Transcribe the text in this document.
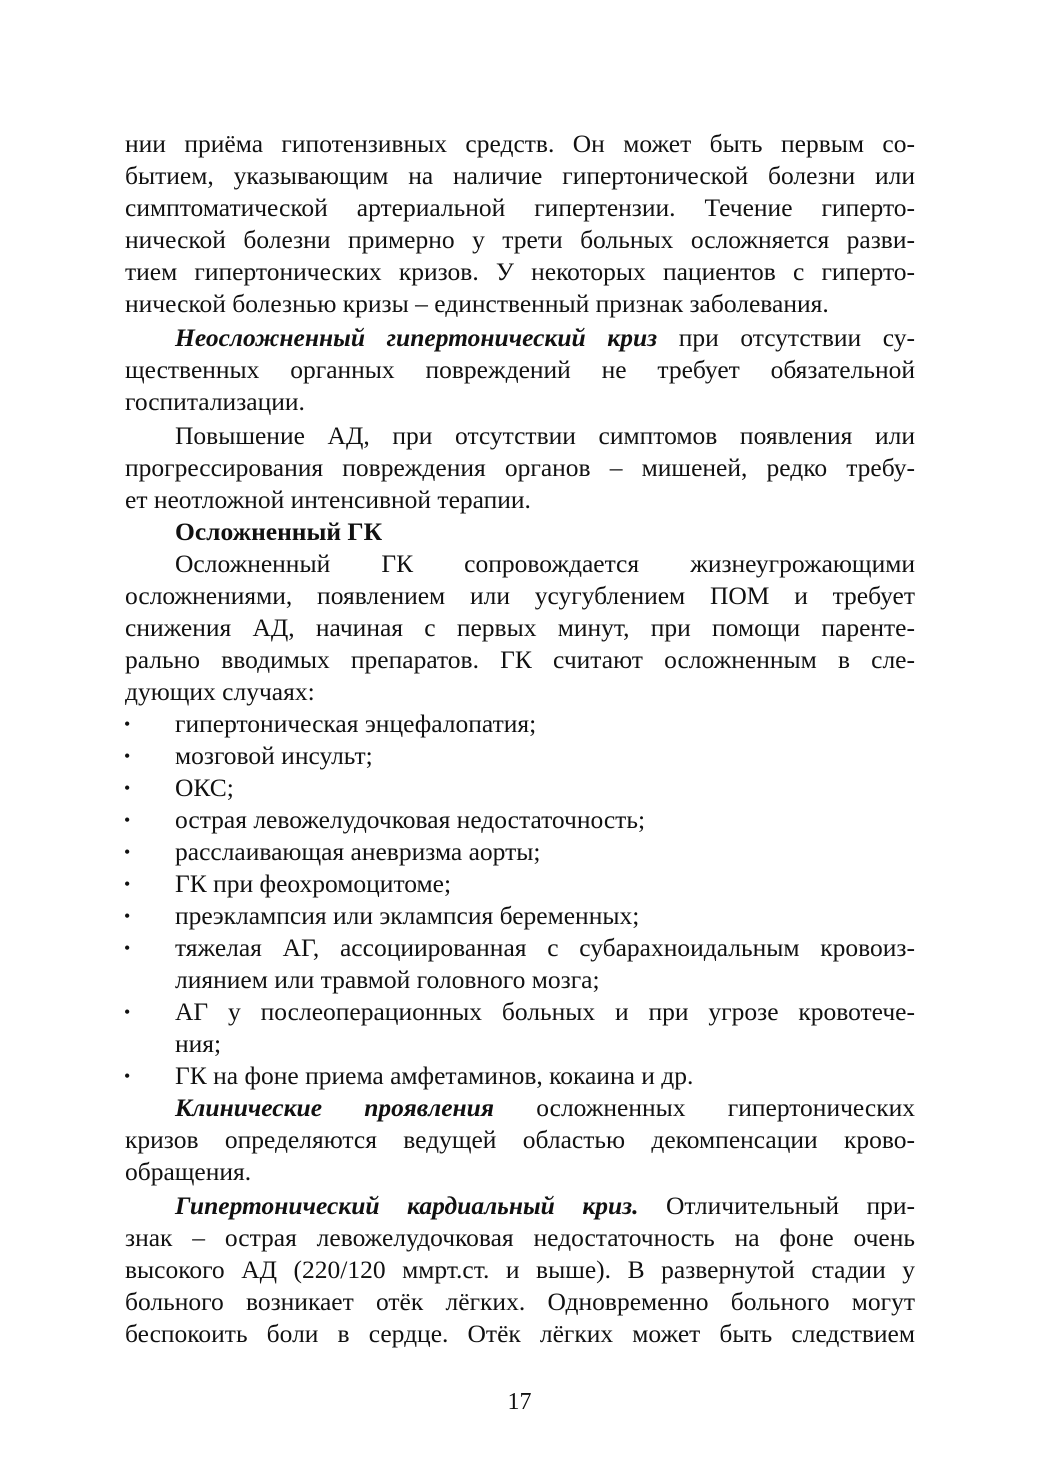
нии приёма гипотензивных средств. Он может быть первым со-
бытием, указывающим на наличие гипертонической болезни или
симптоматической артериальной гипертензии. Течение гиперто-
нической болезни примерно у трети больных осложняется разви-
тием гипертонических кризов. У некоторых пациентов с гиперто-
нической болезнью кризы – единственный признак заболевания.
Неосложненный гипертонический криз при отсутствии су-
щественных органных повреждений не требует обязательной
госпитализации.
Повышение АД, при отсутствии симптомов появления или
прогрессирования повреждения органов – мишеней, редко требу-
ет неотложной интенсивной терапии.
Осложненный ГК
Осложненный ГК сопровождается жизнеугрожающими
осложнениями, появлением или усугублением ПОМ и требует
снижения АД, начиная с первых минут, при помощи паренте-
рально вводимых препаратов. ГК считают осложненным в сле-
дующих случаях:
• гипертоническая энцефалопатия;
• мозговой инсульт;
• ОКС;
• острая левожелудочковая недостаточность;
• расслаивающая аневризма аорты;
• ГК при феохромоцитоме;
• преэклампсия или эклампсия беременных;
• тяжелая АГ, ассоциированная с субарахноидальным кровоиз-
лиянием или травмой головного мозга;
• АГ у послеоперационных больных и при угрозе кровотече-
ния;
• ГК на фоне приема амфетаминов, кокаина и др.
Клинические проявления осложненных гипертонических
кризов определяются ведущей областью декомпенсации крово-
обращения.
Гипертонический кардиальный криз. Отличительный при-
знак – острая левожелудочковая недостаточность на фоне очень
высокого АД (220/120 ммрт.ст. и выше). В развернутой стадии у
больного возникает отёк лёгких. Одновременно больного могут
беспокоить боли в сердце. Отёк лёгких может быть следствием
17
